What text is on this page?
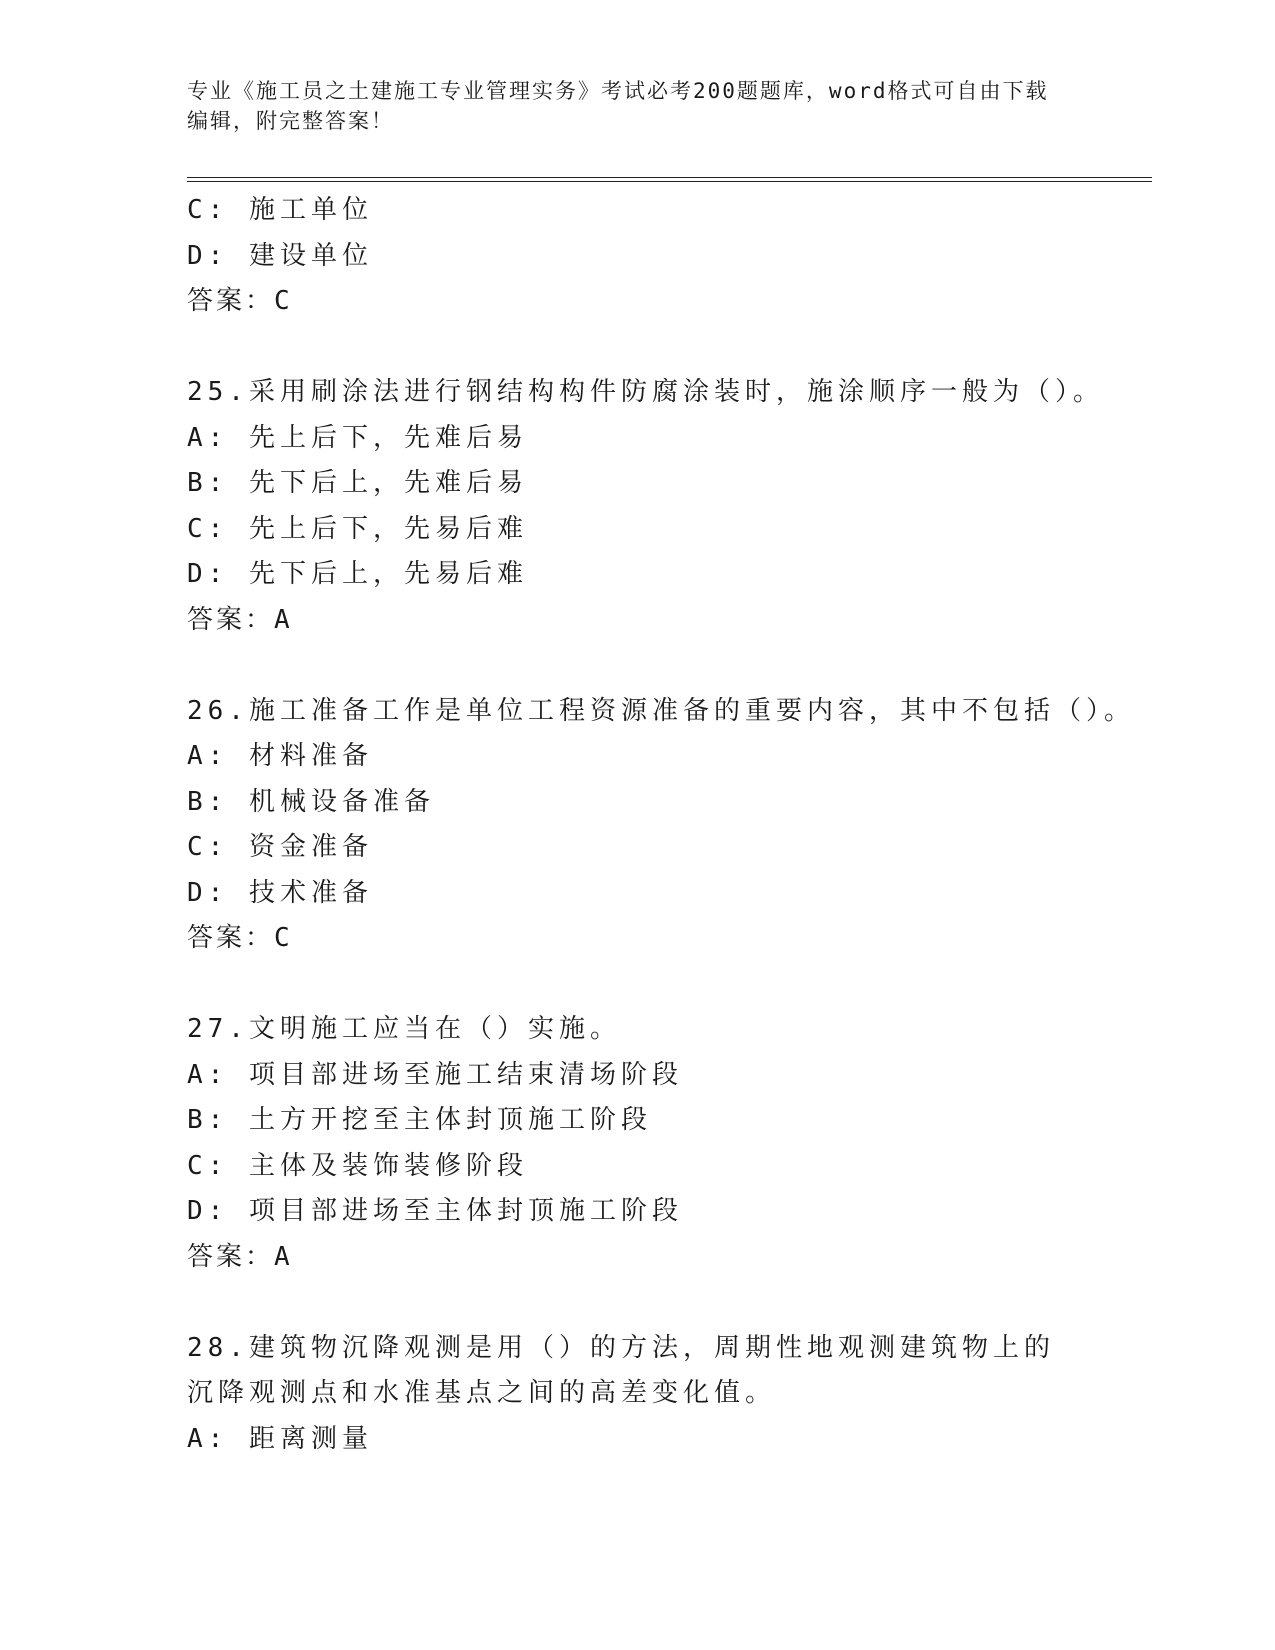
专业《施工员之土建施工专业管理实务》考试必考200题题库，word格式可自由下载编辑，附完整答案！
C: 施工单位
D: 建设单位
答案：C
25.采用刷涂法进行钢结构构件防腐涂装时，施涂顺序一般为（）。
A: 先上后下，先难后易
B: 先下后上，先难后易
C: 先上后下，先易后难
D: 先下后上，先易后难
答案：A
26.施工准备工作是单位工程资源准备的重要内容，其中不包括（）。
A: 材料准备
B: 机械设备准备
C: 资金准备
D: 技术准备
答案：C
27.文明施工应当在（）实施。
A: 项目部进场至施工结束清场阶段
B: 土方开挖至主体封顶施工阶段
C: 主体及装饰装修阶段
D: 项目部进场至主体封顶施工阶段
答案：A
28.建筑物沉降观测是用（）的方法，周期性地观测建筑物上的沉降观测点和水准基点之间的高差变化值。
A: 距离测量
